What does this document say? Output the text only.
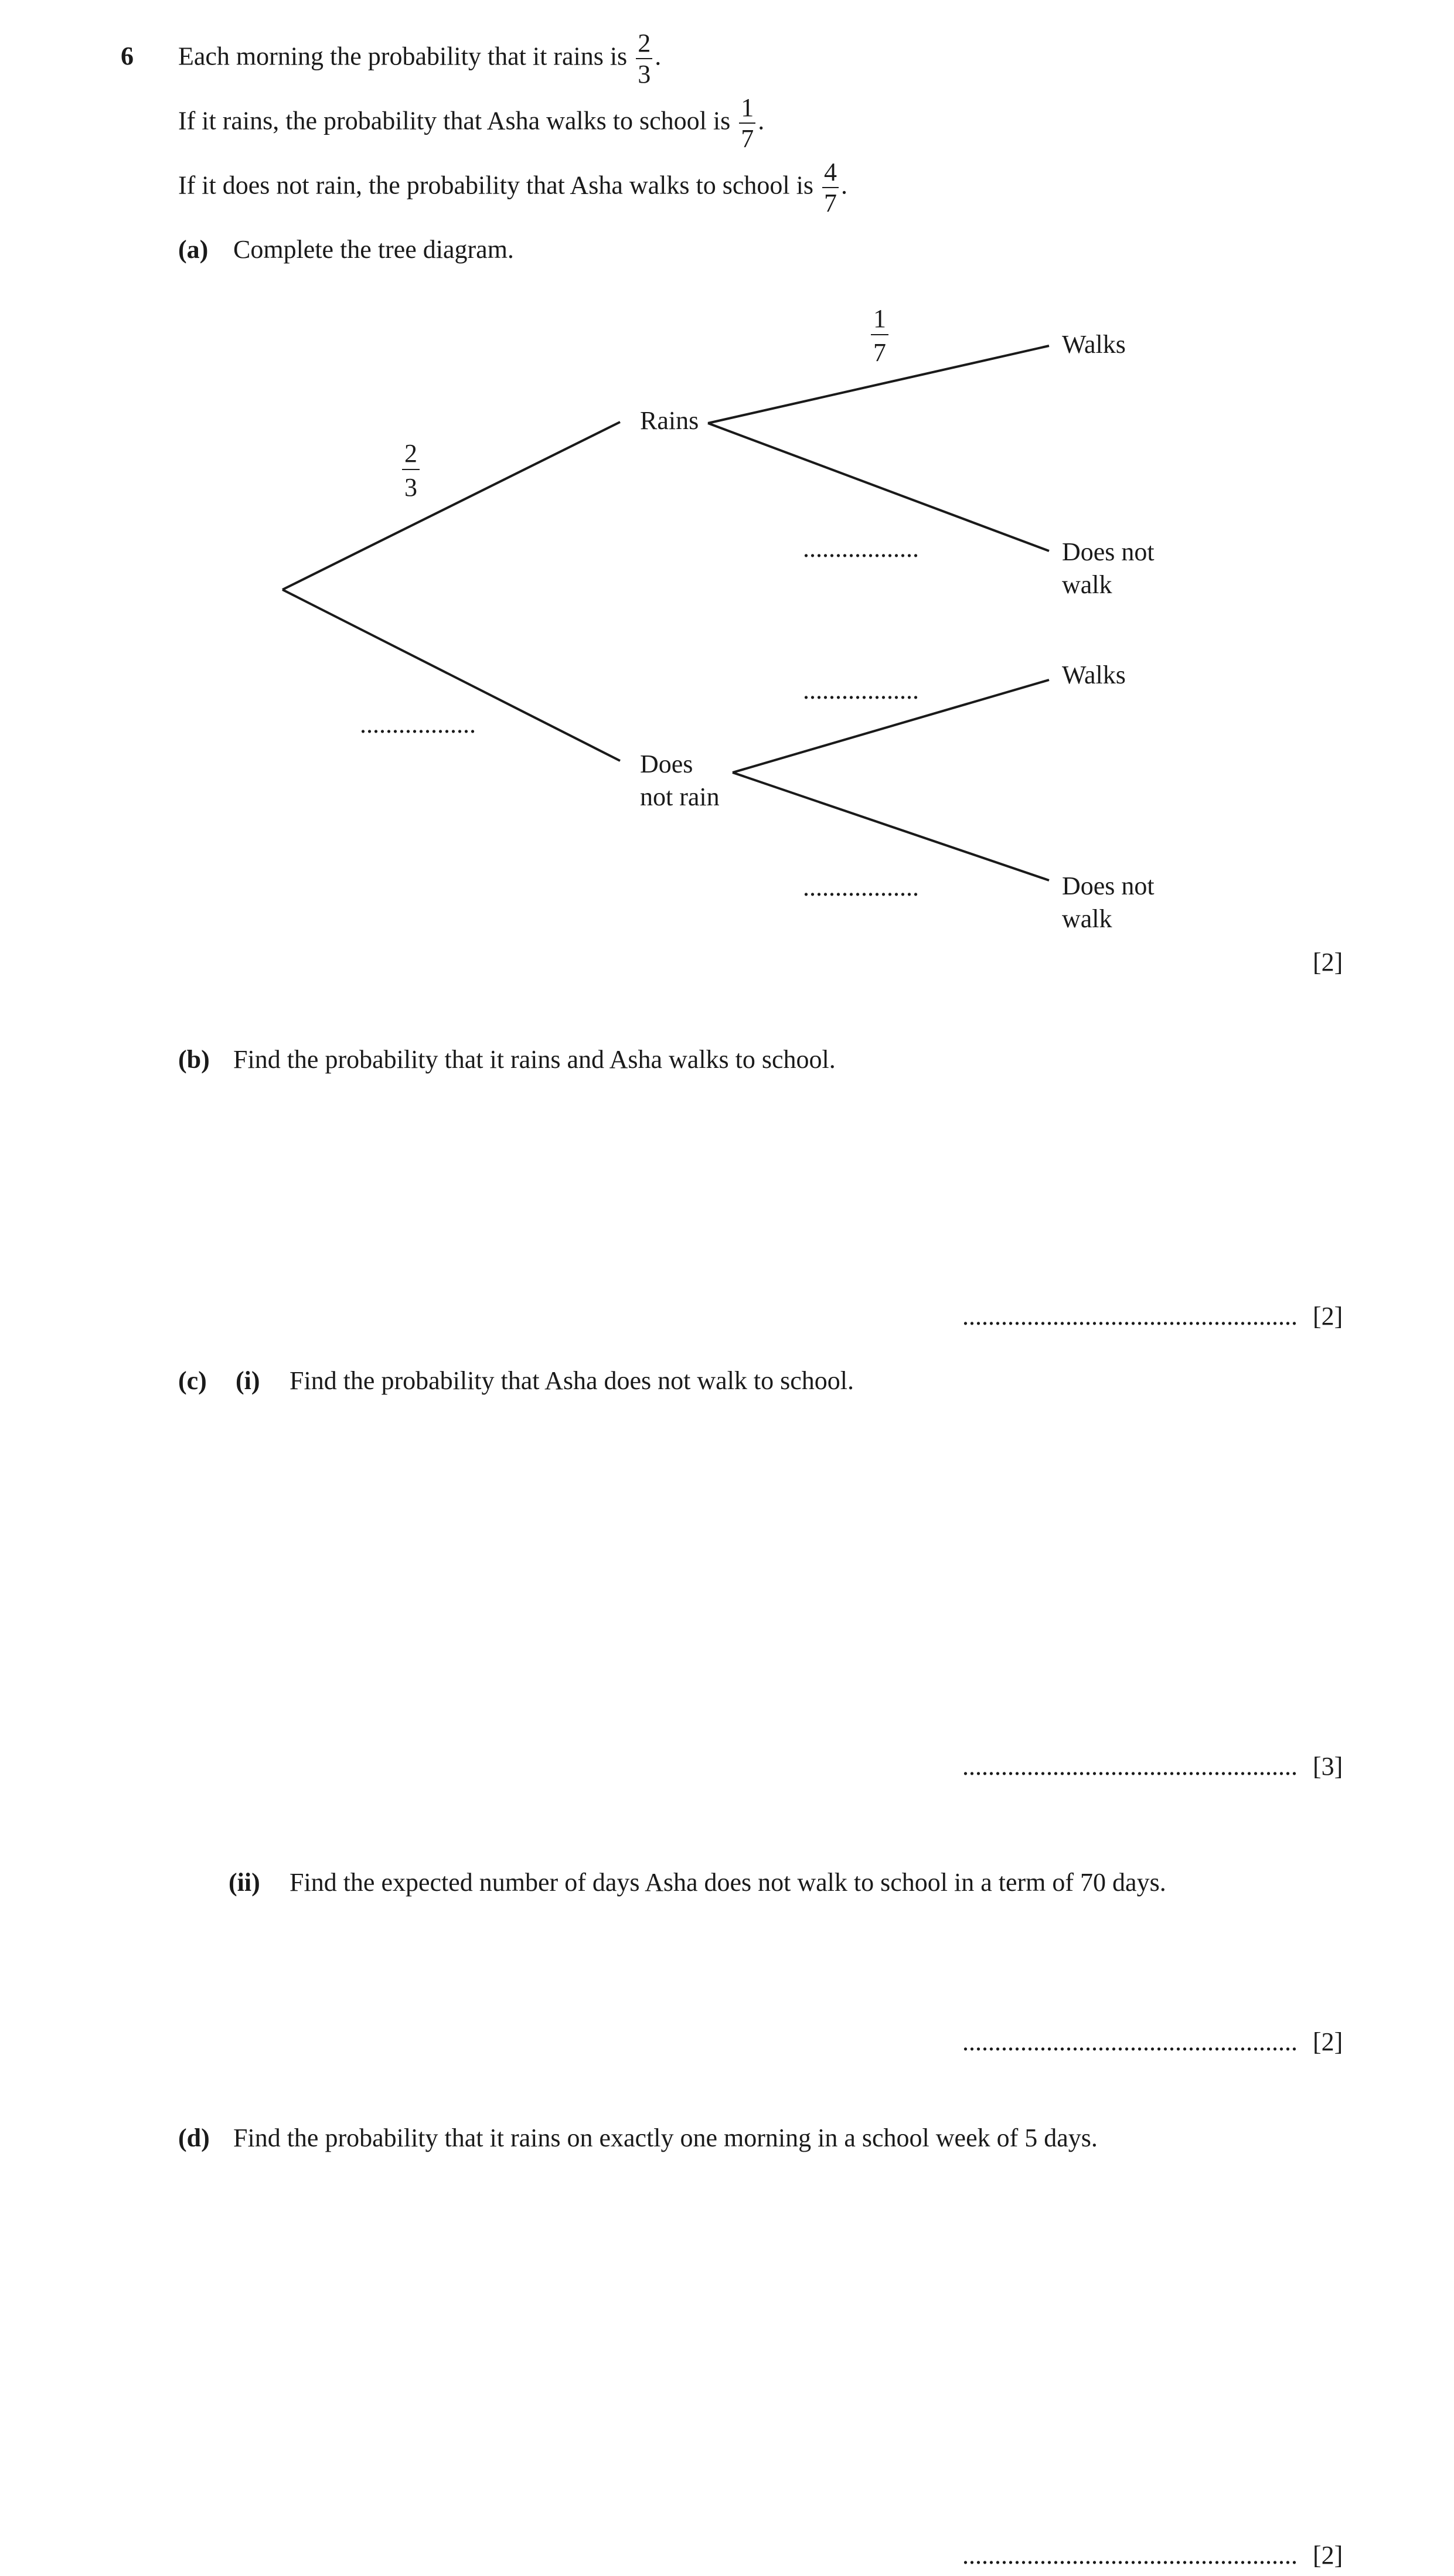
6 Each morning the probability that it rains is $\frac{2}{3}$ .
If it rains, the probability that Asha walks to school is $\frac{1}{7}$ .
If it does not rain, the probability that Asha walks to school is $\frac{4}{7}$ .
(a) Complete the tree diagram.
$\frac{2}{3}$
$\frac{1}{7}$
..................
..................
..................
..................
Rains
Does
not rain
Walks
Does not
walk
Walks
Does not
walk
[2]
(b) Find the probability that it rains and Asha walks to school.
.................................................... [2]
(c) (i) Find the probability that Asha does not walk to school.
.................................................... [3]
(ii) Find the expected number of days Asha does not walk to school in a term of 70 days.
.................................................... [2]
(d) Find the probability that it rains on exactly one morning in a school week of 5 days.
.................................................... [2]
